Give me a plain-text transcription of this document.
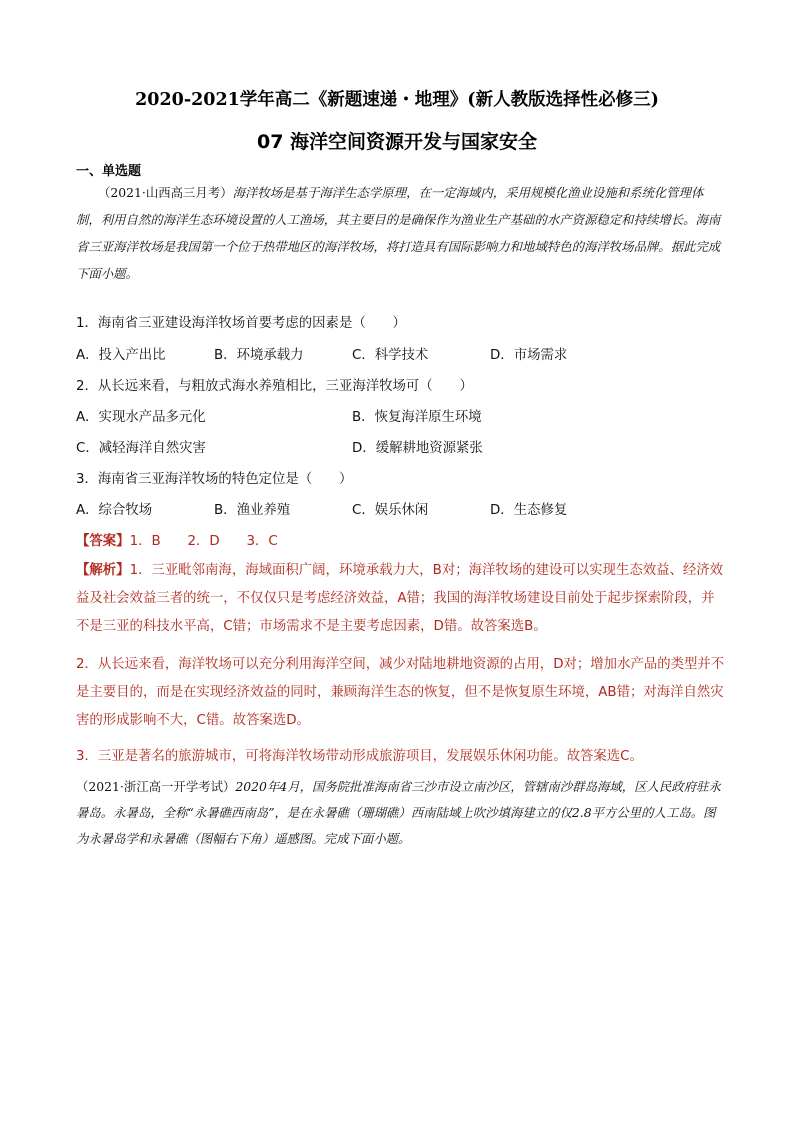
2020-2021学年高二《新题速递・地理》(新人教版选择性必修三)
07 海洋空间资源开发与国家安全
一、单选题
（2021·山西高三月考）海洋牧场是基于海洋生态学原理，在一定海域内，采用规模化渔业设施和系统化管理体制，利用自然的海洋生态环境设置的人工渔场，其主要目的是确保作为渔业生产基础的水产资源稳定和持续增长。海南省三亚海洋牧场是我国第一个位于热带地区的海洋牧场，将打造具有国际影响力和地域特色的海洋牧场品牌。据此完成下面小题。
1．海南省三亚建设海洋牧场首要考虑的因素是（　　）
A．投入产出比	B．环境承载力	C．科学技术	D．市场需求
2．从长远来看，与粗放式海水养殖相比，三亚海洋牧场可（　　）
A．实现水产品多元化	B．恢复海洋原生环境
C．减轻海洋自然灾害	D．缓解耕地资源紧张
3．海南省三亚海洋牧场的特色定位是（　　）
A．综合牧场	B．渔业养殖	C．娱乐休闲	D．生态修复
【答案】1．B　　2．D　　3．C
【解析】1．三亚毗邻南海，海域面积广阔，环境承载力大，B对；海洋牧场的建设可以实现生态效益、经济效益及社会效益三者的统一，不仅仅只是考虑经济效益，A错；我国的海洋牧场建设目前处于起步探索阶段，并不是三亚的科技水平高，C错；市场需求不是主要考虑因素，D错。故答案选B。
2．从长远来看，海洋牧场可以充分利用海洋空间，减少对陆地耕地资源的占用，D对；增加水产品的类型并不是主要目的，而是在实现经济效益的同时，兼顾海洋生态的恢复，但不是恢复原生环境，AB错；对海洋自然灾害的形成影响不大，C错。故答案选D。
3．三亚是著名的旅游城市，可将海洋牧场带动形成旅游项目，发展娱乐休闲功能。故答案选C。
（2021·浙江高一开学考试）2020年4月，国务院批准海南省三沙市设立南沙区，管辖南沙群岛海域，区人民政府驻永暑岛。永暑岛，全称“永暑礁西南岛”，是在永暑礁（珊瑚礁）西南陆域上吹沙填海建立的仅2.8平方公里的人工岛。图为永暑岛学和永暑礁（图幅右下角）遥感图。完成下面小题。
